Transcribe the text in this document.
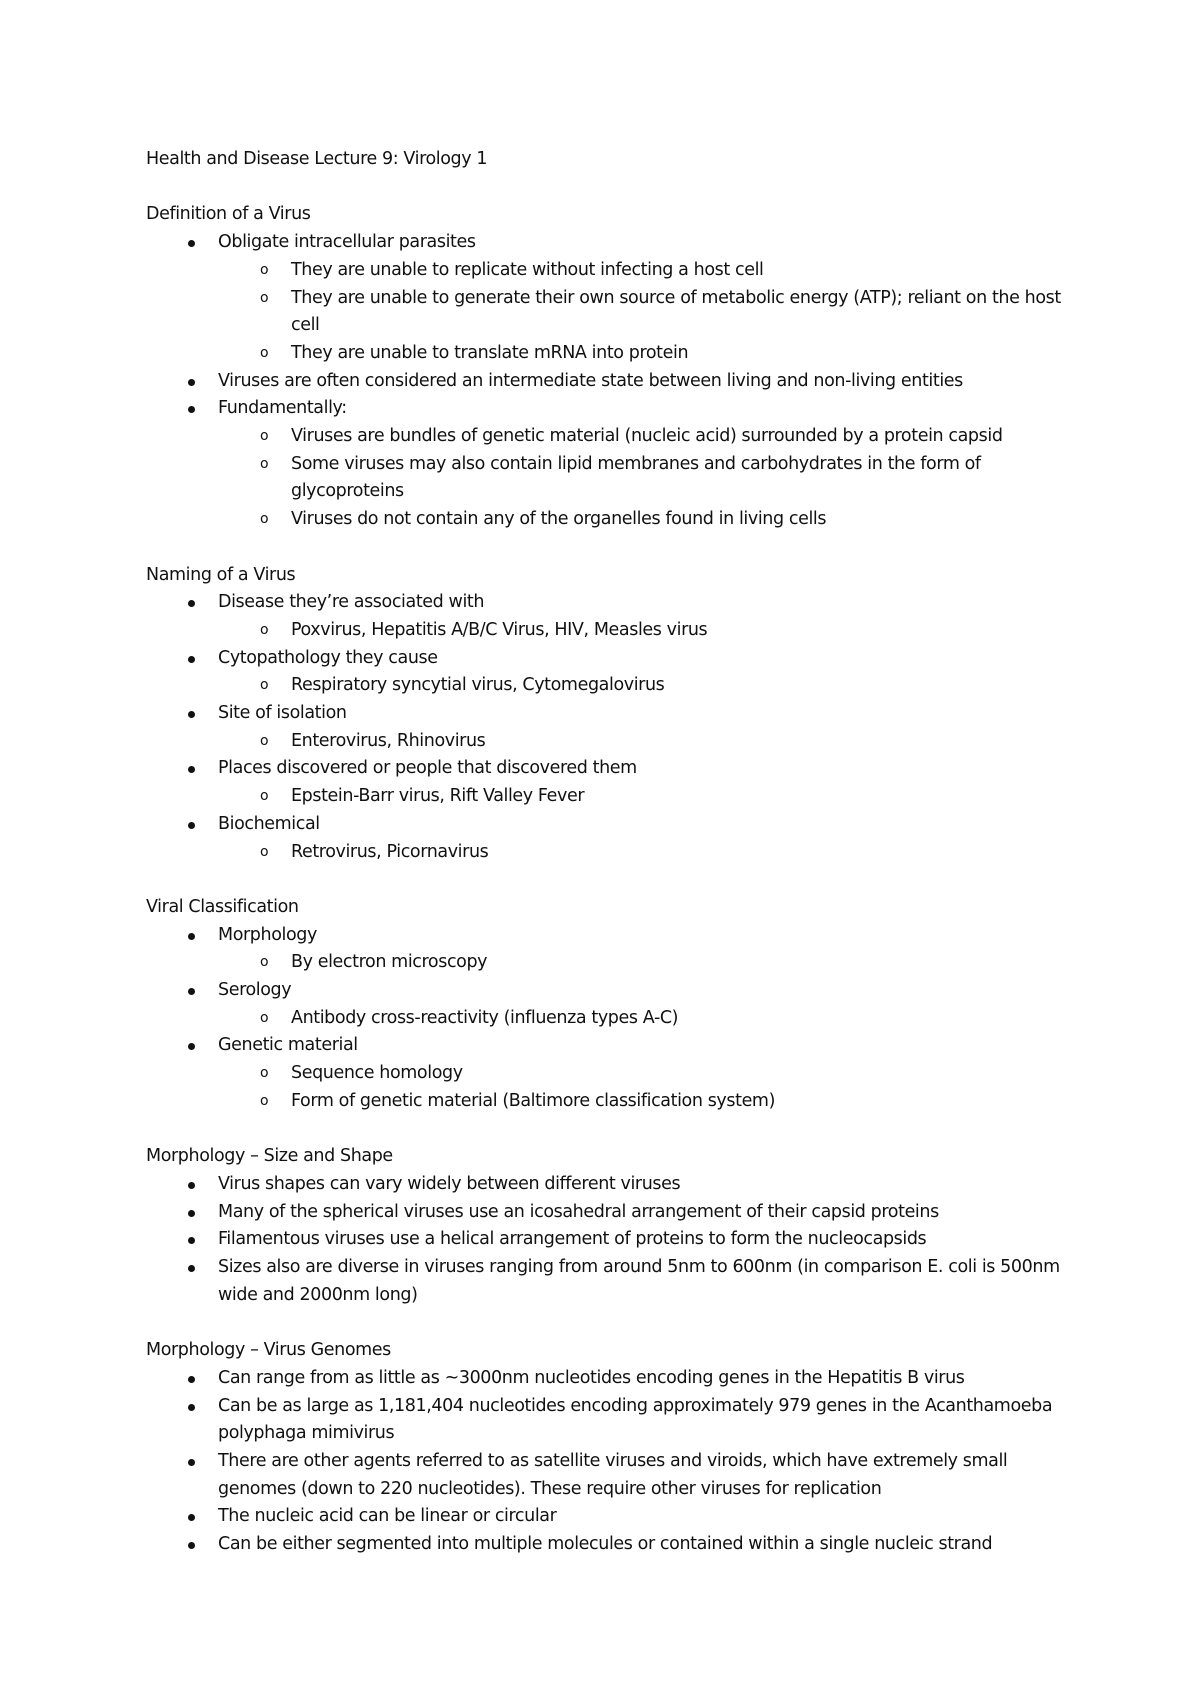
Health and Disease Lecture 9: Virology 1

Definition of a Virus

Obligate intracellular parasites
o They are unable to replicate without infecting a host cell
o They are unable to generate their own source of metabolic energy (ATP); reliant on the host cell
o They are unable to translate mRNA into protein
Viruses are often considered an intermediate state between living and non-living entities
Fundamentally:
o Viruses are bundles of genetic material (nucleic acid) surrounded by a protein capsid
o Some viruses may also contain lipid membranes and carbohydrates in the form of glycoproteins
o Viruses do not contain any of the organelles found in living cells

Naming of a Virus

Disease they’re associated with
o Poxvirus, Hepatitis A/B/C Virus, HIV, Measles virus
Cytopathology they cause
o Respiratory syncytial virus, Cytomegalovirus
Site of isolation
o Enterovirus, Rhinovirus
Places discovered or people that discovered them
o Epstein-Barr virus, Rift Valley Fever
Biochemical
o Retrovirus, Picornavirus

Viral Classification

Morphology
o By electron microscopy
Serology
o Antibody cross-reactivity (influenza types A-C)
Genetic material
o Sequence homology
o Form of genetic material (Baltimore classification system)

Morphology – Size and Shape

Virus shapes can vary widely between different viruses
Many of the spherical viruses use an icosahedral arrangement of their capsid proteins
Filamentous viruses use a helical arrangement of proteins to form the nucleocapsids
Sizes also are diverse in viruses ranging from around 5nm to 600nm (in comparison E. coli is 500nm wide and 2000nm long)

Morphology – Virus Genomes

Can range from as little as ~3000nm nucleotides encoding genes in the Hepatitis B virus
Can be as large as 1,181,404 nucleotides encoding approximately 979 genes in the Acanthamoeba polyphaga mimivirus
There are other agents referred to as satellite viruses and viroids, which have extremely small genomes (down to 220 nucleotides). These require other viruses for replication
The nucleic acid can be linear or circular
Can be either segmented into multiple molecules or contained within a single nucleic strand
